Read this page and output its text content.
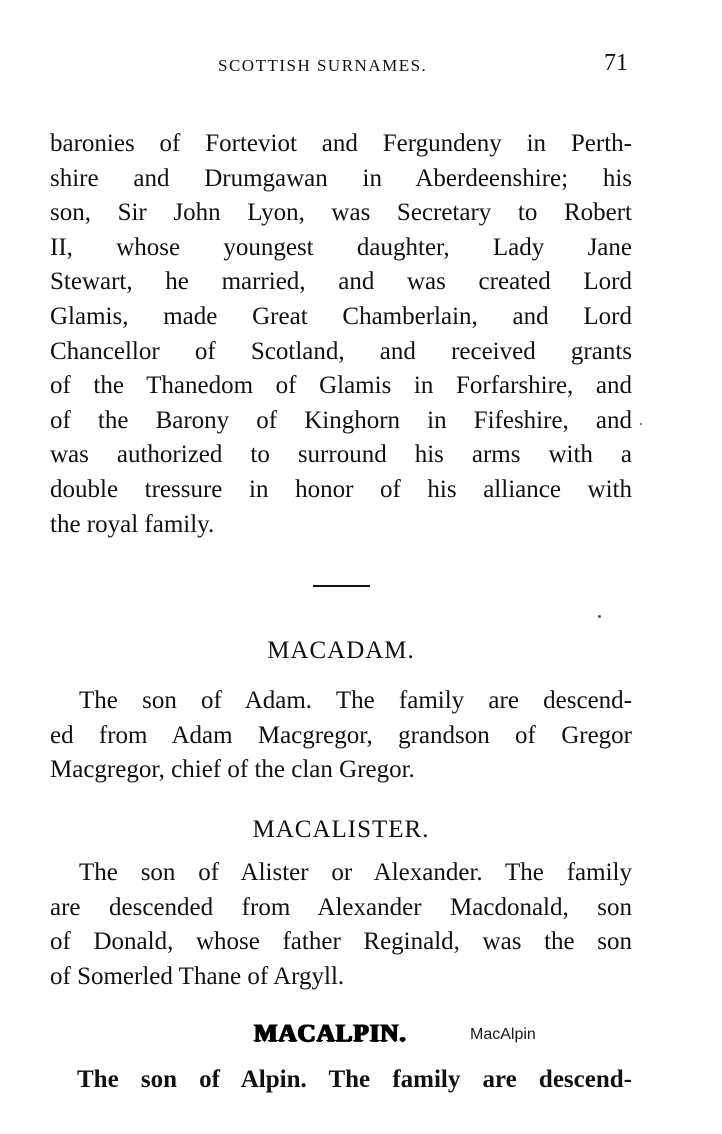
SCOTTISH SURNAMES.	71
baronies of Forteviot and Fergundeny in Perth-
shire and Drumgawan in Aberdeenshire; his
son, Sir John Lyon, was Secretary to Robert
II, whose youngest daughter, Lady Jane
Stewart, he married, and was created Lord
Glamis, made Great Chamberlain, and Lord
Chancellor of Scotland, and received grants
of the Thanedom of Glamis in Forfarshire, and
of the Barony of Kinghorn in Fifeshire, and
was authorized to surround his arms with a
double tressure in honor of his alliance with
the royal family.
MACADAM.
The son of Adam. The family are descend-
ed from Adam Macgregor, grandson of Gregor
Macgregor, chief of the clan Gregor.
MACALISTER.
The son of Alister or Alexander. The family
are descended from Alexander Macdonald, son
of Donald, whose father Reginald, was the son
of Somerled Thane of Argyll.
MACALPIN.	MacAlpin
The son of Alpin. The family are descend-
